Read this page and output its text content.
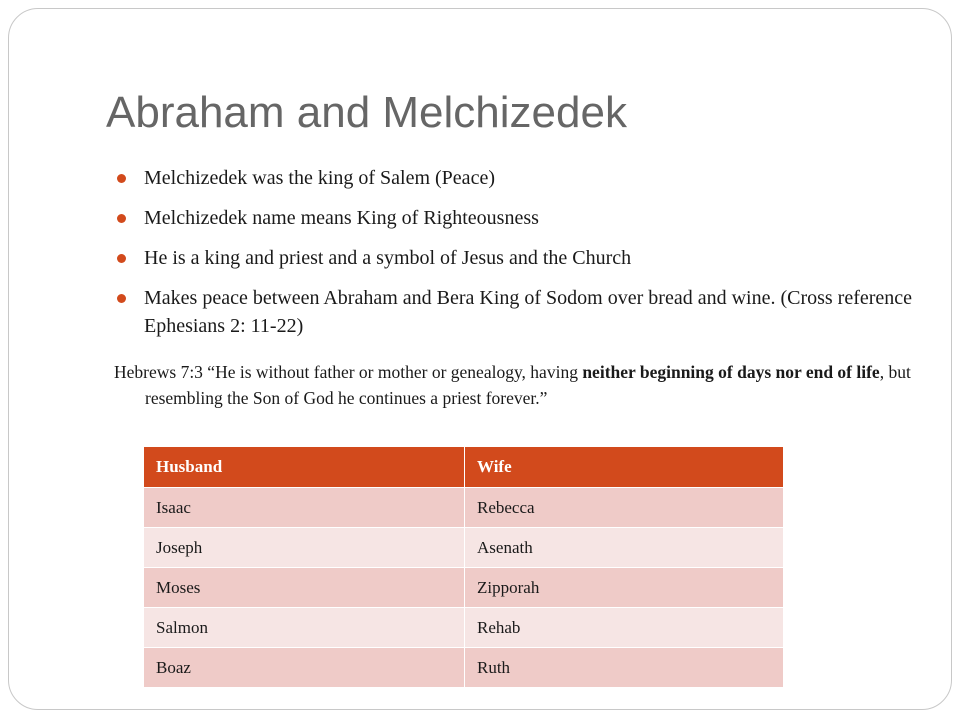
Abraham and Melchizedek
Melchizedek was the king of Salem (Peace)
Melchizedek name means King of Righteousness
He is a king and priest and a symbol of Jesus and the Church
Makes peace between Abraham and Bera King of Sodom over bread and wine. (Cross reference Ephesians 2: 11-22)
Hebrews 7:3 “He is without father or mother or genealogy, having neither beginning of days nor end of life, but resembling the Son of God he continues a priest forever.”
Husband	Wife
Isaac	Rebecca
Joseph	Asenath
Moses	Zipporah
Salmon	Rehab
Boaz	Ruth
